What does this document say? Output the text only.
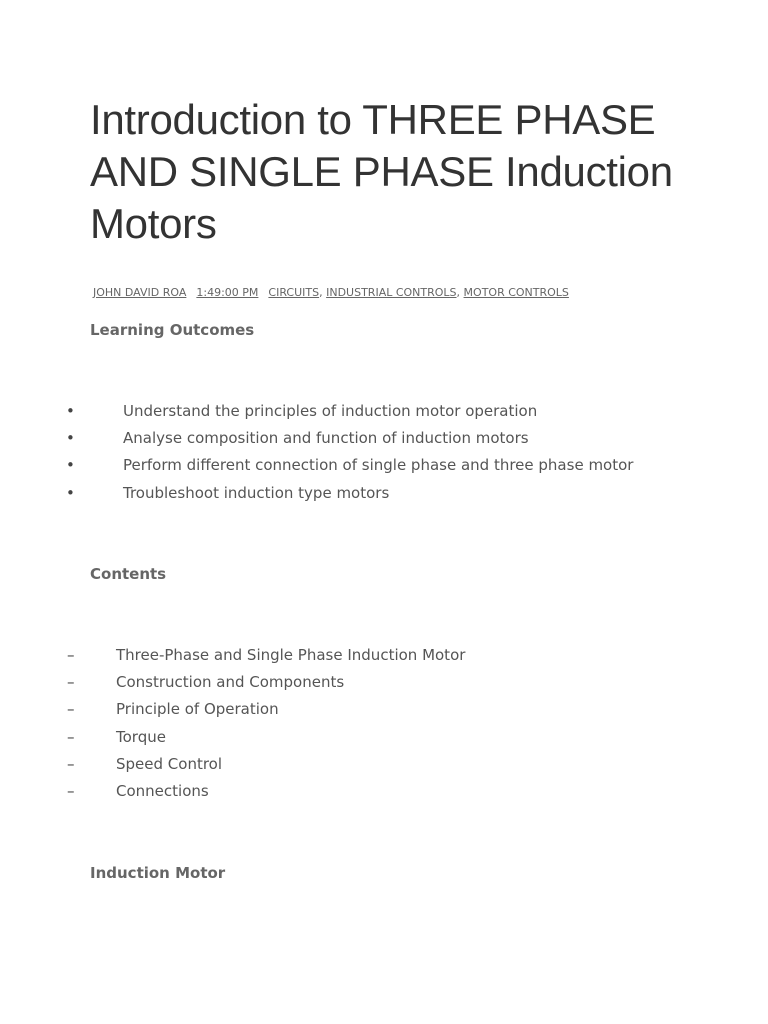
Introduction to THREE PHASE AND SINGLE PHASE Induction Motors
JOHN DAVID ROA 1:49:00 PM CIRCUITS, INDUSTRIAL CONTROLS, MOTOR CONTROLS
Learning Outcomes
•	Understand the principles of induction motor operation
•	Analyse composition and function of induction motors
•	Perform different connection of single phase and three phase motor
•	Troubleshoot induction type motors
Contents
–	Three-Phase and Single Phase Induction Motor
–	Construction and Components
–	Principle of Operation
–	Torque
–	Speed Control
–	Connections
Induction Motor
